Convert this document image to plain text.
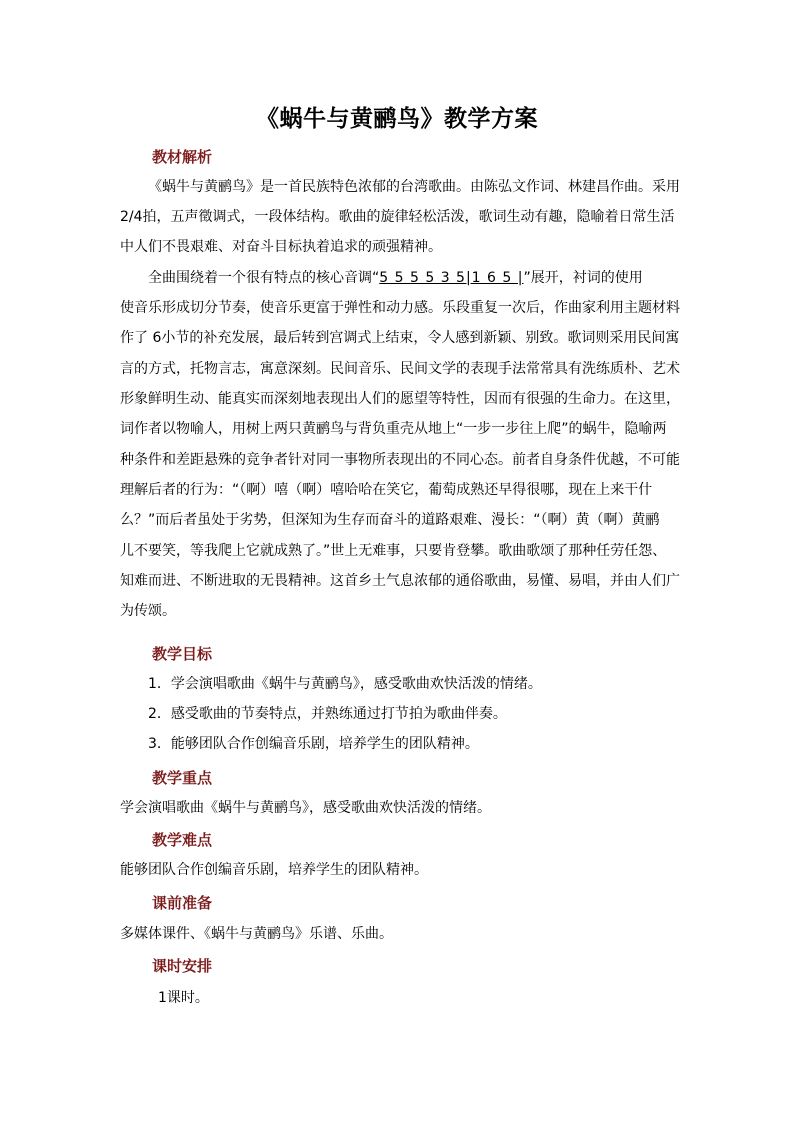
《蜗牛与黄鹂鸟》教学方案
教材解析
《蜗牛与黄鹂鸟》是一首民族特色浓郁的台湾歌曲。由陈弘文作词、林建昌作曲。采用
2/4拍，五声徵调式，一段体结构。歌曲的旋律轻松活泼，歌词生动有趣，隐喻着日常生活
中人们不畏艰难、对奋斗目标执着追求的顽强精神。
全曲围绕着一个很有特点的核心音调“5 5 5 5 3 5|1 6 5 |”展开，衬词的使用
使音乐形成切分节奏，使音乐更富于弹性和动力感。乐段重复一次后，作曲家利用主题材料
作了 6小节的补充发展，最后转到宫调式上结束，令人感到新颖、别致。歌词则采用民间寓
言的方式，托物言志，寓意深刻。民间音乐、民间文学的表现手法常常具有洗练质朴、艺术
形象鲜明生动、能真实而深刻地表现出人们的愿望等特性，因而有很强的生命力。在这里，
词作者以物喻人，用树上两只黄鹂鸟与背负重壳从地上“一步一步往上爬”的蜗牛，隐喻两
种条件和差距悬殊的竞争者针对同一事物所表现出的不同心态。前者自身条件优越，不可能
理解后者的行为：“（啊）嘻（啊）嘻哈哈在笑它，葡萄成熟还早得很哪，现在上来干什
么？”而后者虽处于劣势，但深知为生存而奋斗的道路艰难、漫长：“（啊）黄（啊）黄鹂
儿不要笑，等我爬上它就成熟了。”世上无难事，只要肯登攀。歌曲歌颂了那种任劳任怨、
知难而进、不断进取的无畏精神。这首乡土气息浓郁的通俗歌曲，易懂、易唱，并由人们广
为传颂。
教学目标
1．学会演唱歌曲《蜗牛与黄鹂鸟》，感受歌曲欢快活泼的情绪。
2．感受歌曲的节奏特点，并熟练通过打节拍为歌曲伴奏。
3．能够团队合作创编音乐剧，培养学生的团队精神。
教学重点
学会演唱歌曲《蜗牛与黄鹂鸟》，感受歌曲欢快活泼的情绪。
教学难点
能够团队合作创编音乐剧，培养学生的团队精神。
课前准备
多媒体课件、《蜗牛与黄鹂鸟》乐谱、乐曲。
课时安排
1课时。
